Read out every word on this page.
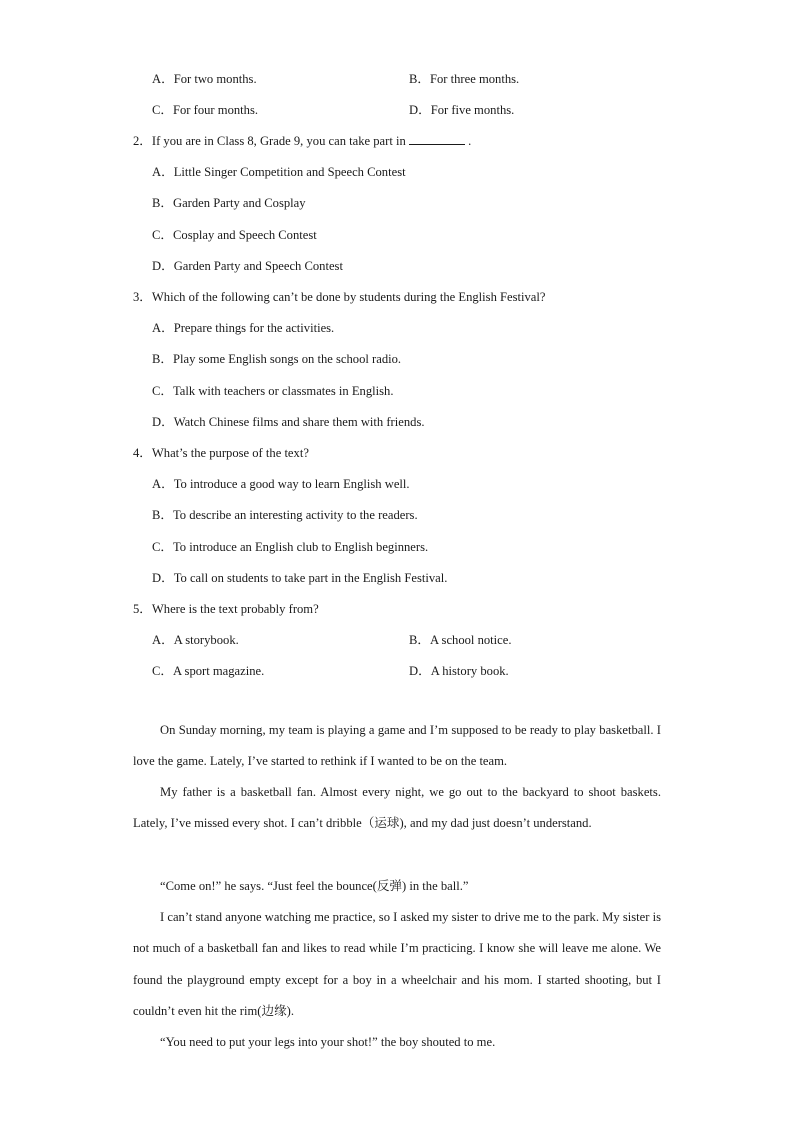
A．For two months.	B．For three months.
C．For four months.	D．For five months.
2．If you are in Class 8, Grade 9, you can take part in	.
A．Little Singer Competition and Speech Contest
B．Garden Party and Cosplay
C．Cosplay and Speech Contest
D．Garden Party and Speech Contest
3．Which of the following can’t be done by students during the English Festival?
A．Prepare things for the activities.
B．Play some English songs on the school radio.
C．Talk with teachers or classmates in English.
D．Watch Chinese films and share them with friends.
4．What’s the purpose of the text?
A．To introduce a good way to learn English well.
B．To describe an interesting activity to the readers.
C．To introduce an English club to English beginners.
D．To call on students to take part in the English Festival.
5．Where is the text probably from?
A．A storybook.	B．A school notice.
C．A sport magazine.	D．A history book.
On Sunday morning, my team is playing a game and I’m supposed to be ready to play basketball. I love the game. Lately, I’ve started to rethink if I wanted to be on the team.
My father is a basketball fan. Almost every night, we go out to the backyard to shoot baskets. Lately, I’ve missed every shot. I can’t dribble（运球), and my dad just doesn’t understand.
“Come on!” he says. “Just feel the bounce(反弹) in the ball.”
I can’t stand anyone watching me practice, so I asked my sister to drive me to the park. My sister is not much of a basketball fan and likes to read while I’m practicing. I know she will leave me alone. We found the playground empty except for a boy in a wheelchair and his mom. I started shooting, but I couldn’t even hit the rim(边缘).
“You need to put your legs into your shot!” the boy shouted to me.
